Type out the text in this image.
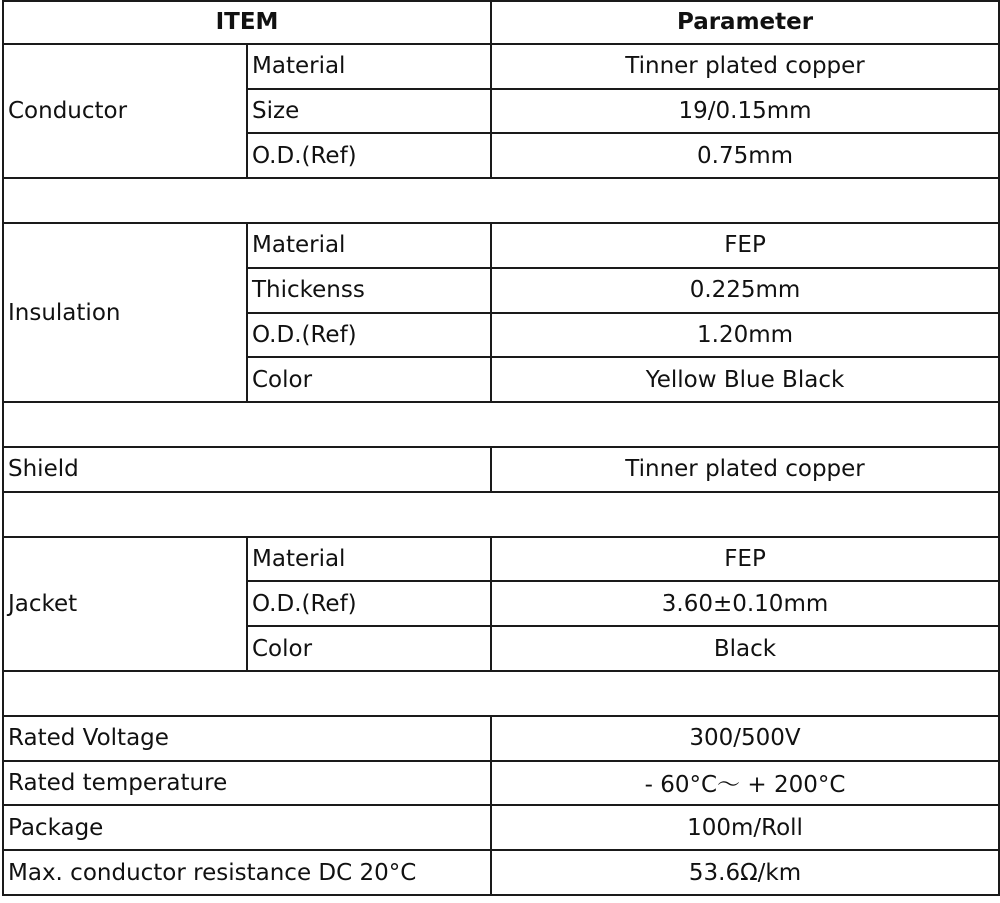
ITEM		Parameter
Conductor	Material	Tinner plated copper
	Size	19/0.15mm
	O.D.(Ref)	0.75mm

Insulation	Material	FEP
	Thickenss	0.225mm
	O.D.(Ref)	1.20mm
	Color	Yellow Blue Black

Shield		Tinner plated copper

Jacket	Material	FEP
	O.D.(Ref)	3.60±0.10mm
	Color	Black

Rated Voltage		300/500V
Rated temperature		- 60°C～ + 200°C
Package		100m/Roll
Max. conductor resistance DC 20°C		53.6Ω/km
